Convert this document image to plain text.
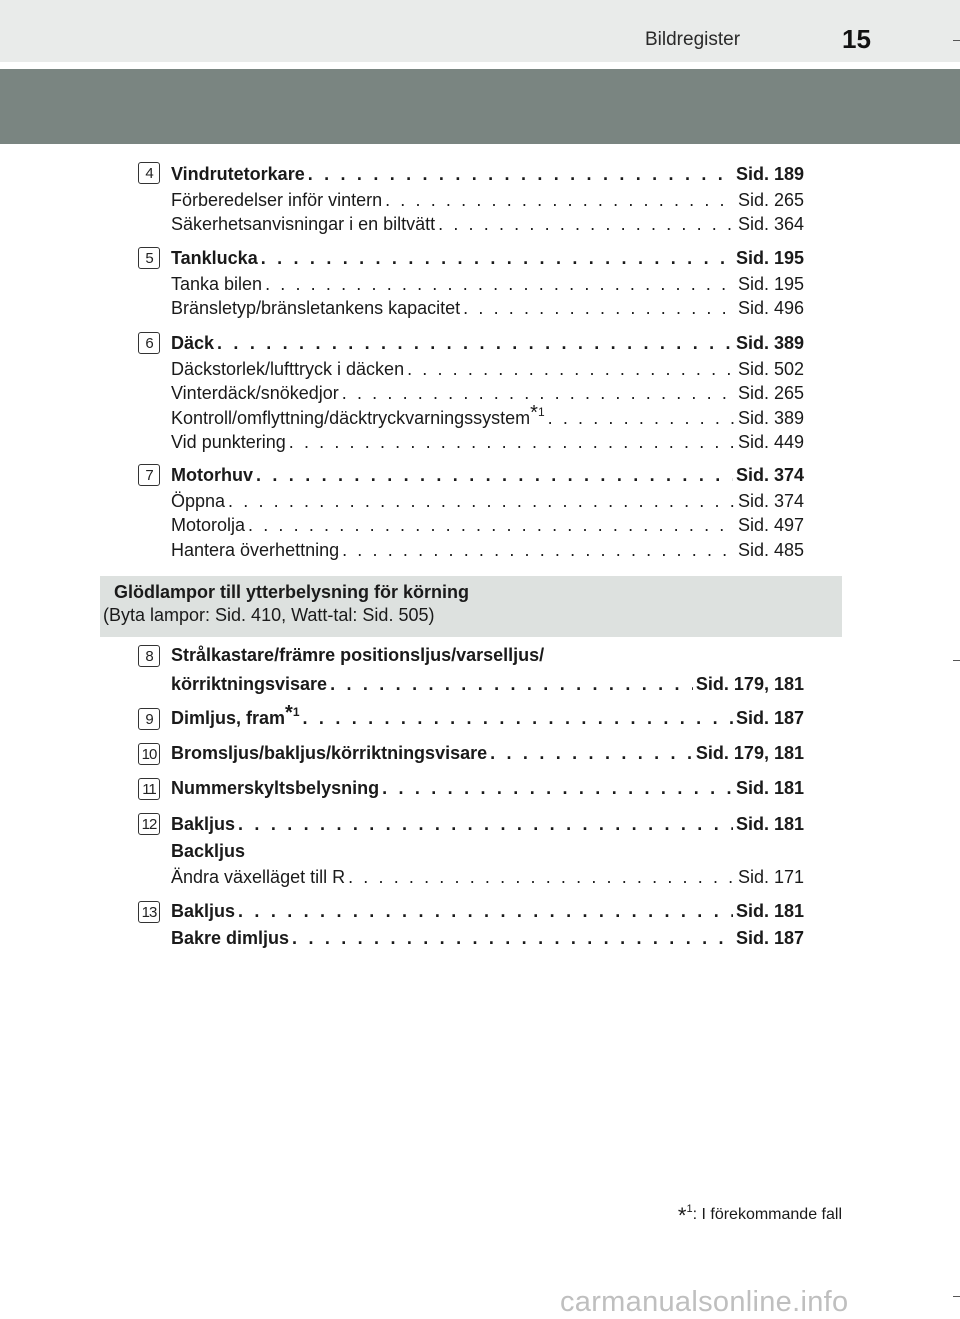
Bildregister	15
4	Vindrutetorkare . . .	Sid. 189
Förberedelser inför vintern . . .	Sid. 265
Säkerhetsanvisningar i en biltvätt . . .	Sid. 364
5	Tanklucka . . .	Sid. 195
Tanka bilen . . .	Sid. 195
Bränsletyp/bränsletankens kapacitet . . .	Sid. 496
6	Däck . . .	Sid. 389
Däckstorlek/lufttryck i däcken . . .	Sid. 502
Vinterdäck/snökedjor . . .	Sid. 265
Kontroll/omflyttning/däcktryckvarningssystem$^{*1}$ . . .	Sid. 389
Vid punktering . . .	Sid. 449
7	Motorhuv . . .	Sid. 374
Öppna . . .	Sid. 374
Motorolja . . .	Sid. 497
Hantera överhettning . . .	Sid. 485
Glödlampor till ytterbelysning för körning
(Byta lampor: Sid. 410, Watt-tal: Sid. 505)
8	Strålkastare/främre positionsljus/varselljus/
körriktningsvisare . . .	Sid. 179, 181
9	Dimljus, fram$^{*1}$ . . .	Sid. 187
10 Bromsljus/bakljus/körriktningsvisare . . .	Sid. 179, 181
11 Nummerskyltsbelysning . . .	Sid. 181
12 Bakljus . . .	Sid. 181
Backljus
Ändra växelläget till R . . .	Sid. 171
13 Bakljus . . .	Sid. 181
Bakre dimljus . . .	Sid. 187
*$^1$: I förekommande fall
carmanualsonline.info
